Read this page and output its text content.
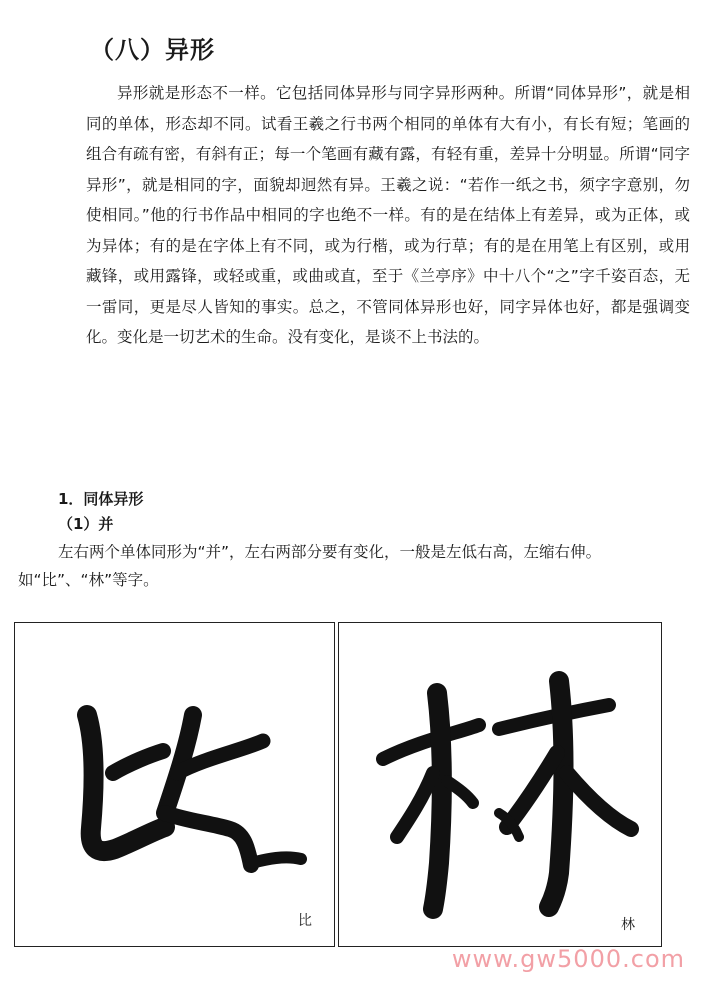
（八）异形

异形就是形态不一样。它包括同体异形与同字异形两种。所谓“同体异形”，就是相同的单体，形态却不同。试看王羲之行书两个相同的单体有大有小，有长有短；笔画的组合有疏有密，有斜有正；每一个笔画有藏有露，有轻有重，差异十分明显。所谓“同字异形”，就是相同的字，面貌却迥然有异。王羲之说：“若作一纸之书，须字字意别，勿使相同。”他的行书作品中相同的字也绝不一样。有的是在结体上有差异，或为正体，或为异体；有的是在字体上有不同，或为行楷，或为行草；有的是在用笔上有区别，或用藏锋，或用露锋，或轻或重，或曲或直，至于《兰亭序》中十八个“之”字千姿百态，无一雷同，更是尽人皆知的事实。总之，不管同体异形也好，同字异体也好，都是强调变化。变化是一切艺术的生命。没有变化，是谈不上书法的。

1．同体异形
（1）并

左右两个单体同形为“并”，左右两部分要有变化，一般是左低右高，左缩右伸。

如“比”、“林”等字。

比	林
www.gw5000.com
